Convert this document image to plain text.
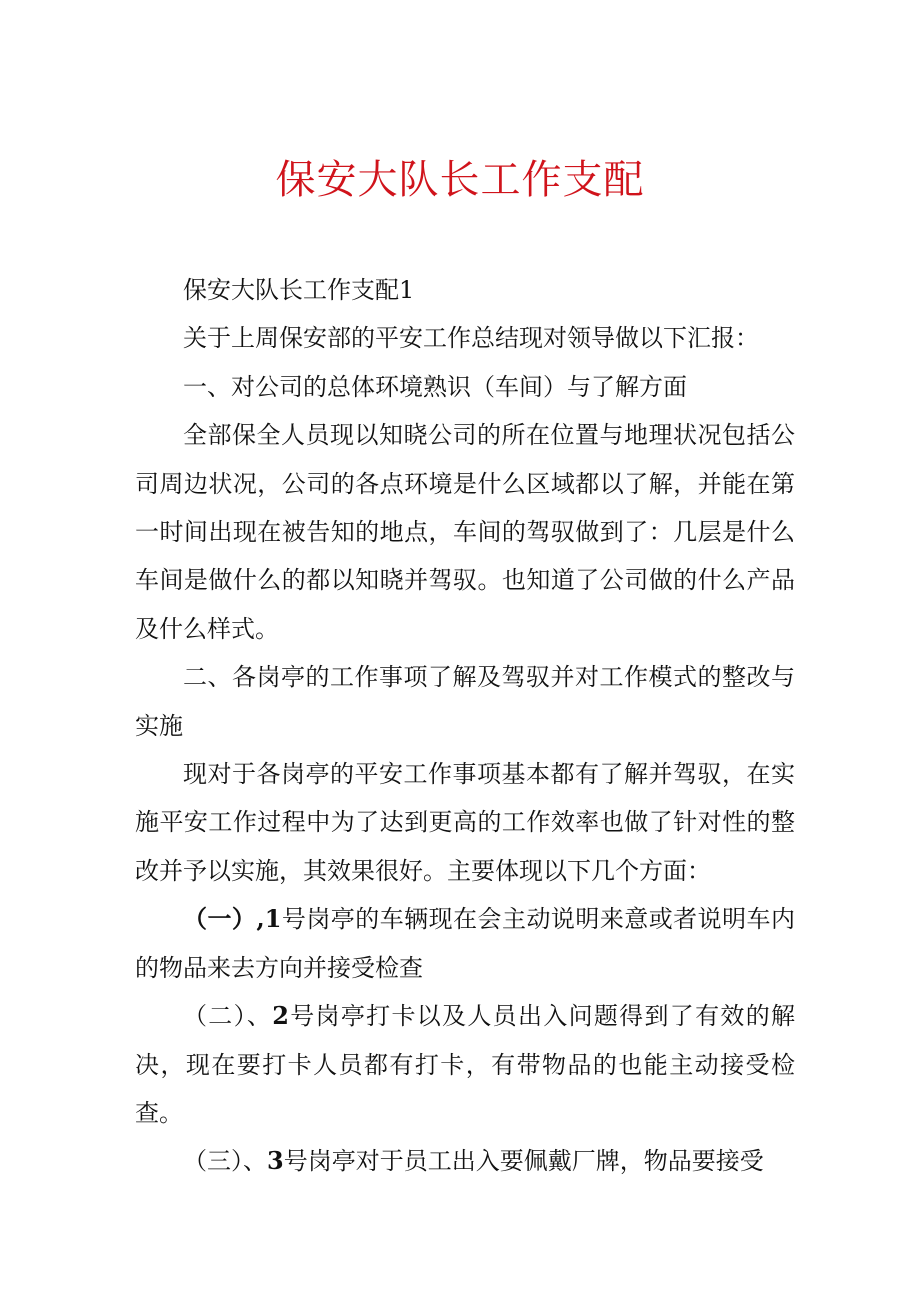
保安大队长工作支配

保安大队长工作支配1

关于上周保安部的平安工作总结现对领导做以下汇报：

一、对公司的总体环境熟识（车间）与了解方面

全部保全人员现以知晓公司的所在位置与地理状况包括公司周边状况，公司的各点环境是什么区域都以了解，并能在第一时间出现在被告知的地点，车间的驾驭做到了：几层是什么车间是做什么的都以知晓并驾驭。也知道了公司做的什么产品及什么样式。

二、各岗亭的工作事项了解及驾驭并对工作模式的整改与实施

现对于各岗亭的平安工作事项基本都有了解并驾驭，在实施平安工作过程中为了达到更高的工作效率也做了针对性的整改并予以实施，其效果很好。主要体现以下几个方面：

（一）,1号岗亭的车辆现在会主动说明来意或者说明车内的物品来去方向并接受检查

（二）、2号岗亭打卡以及人员出入问题得到了有效的解决，现在要打卡人员都有打卡，有带物品的也能主动接受检查。

（三）、3号岗亭对于员工出入要佩戴厂牌，物品要接受
